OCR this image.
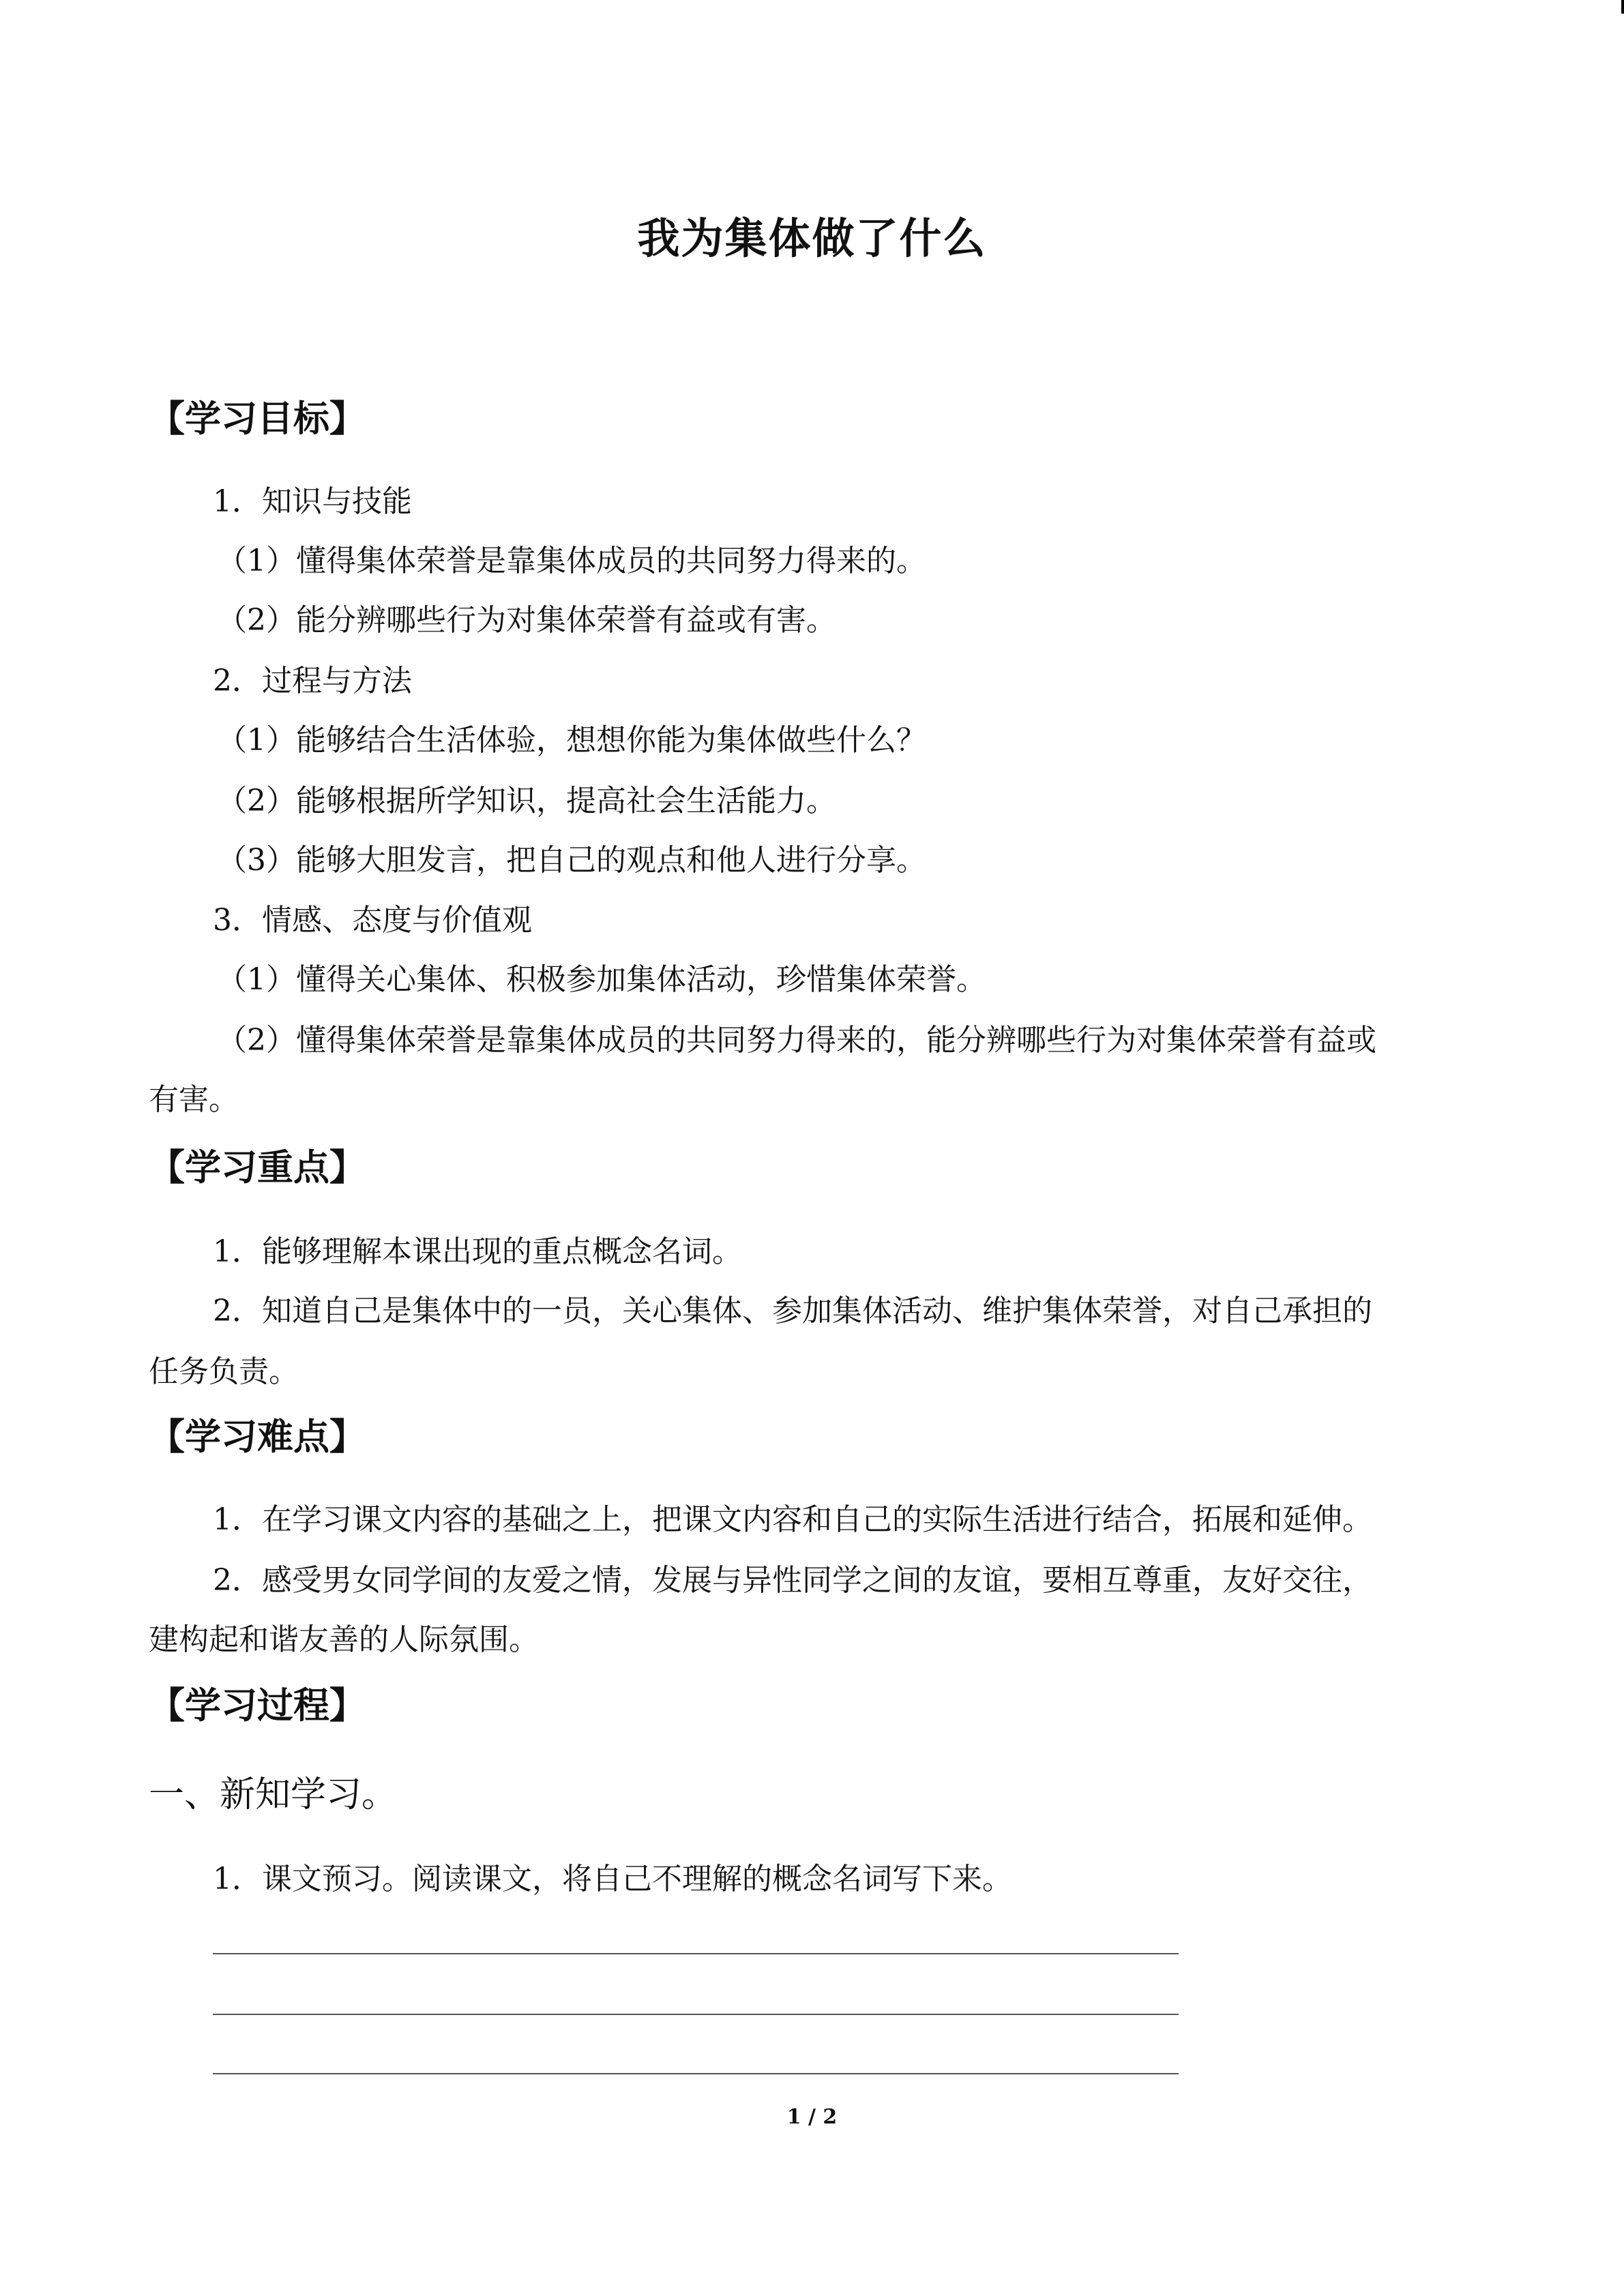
我为集体做了什么
【学习目标】
1．知识与技能
（1）懂得集体荣誉是靠集体成员的共同努力得来的。
（2）能分辨哪些行为对集体荣誉有益或有害。
2．过程与方法
（1）能够结合生活体验，想想你能为集体做些什么？
（2）能够根据所学知识，提高社会生活能力。
（3）能够大胆发言，把自己的观点和他人进行分享。
3．情感、态度与价值观
（1）懂得关心集体、积极参加集体活动，珍惜集体荣誉。
（2）懂得集体荣誉是靠集体成员的共同努力得来的，能分辨哪些行为对集体荣誉有益或
有害。
【学习重点】
1．能够理解本课出现的重点概念名词。
2．知道自己是集体中的一员，关心集体、参加集体活动、维护集体荣誉，对自己承担的
任务负责。
【学习难点】
1．在学习课文内容的基础之上，把课文内容和自己的实际生活进行结合，拓展和延伸。
2．感受男女同学间的友爱之情，发展与异性同学之间的友谊，要相互尊重，友好交往，
建构起和谐友善的人际氛围。
【学习过程】
一、新知学习。
1．课文预习。阅读课文，将自己不理解的概念名词写下来。
1 / 2
